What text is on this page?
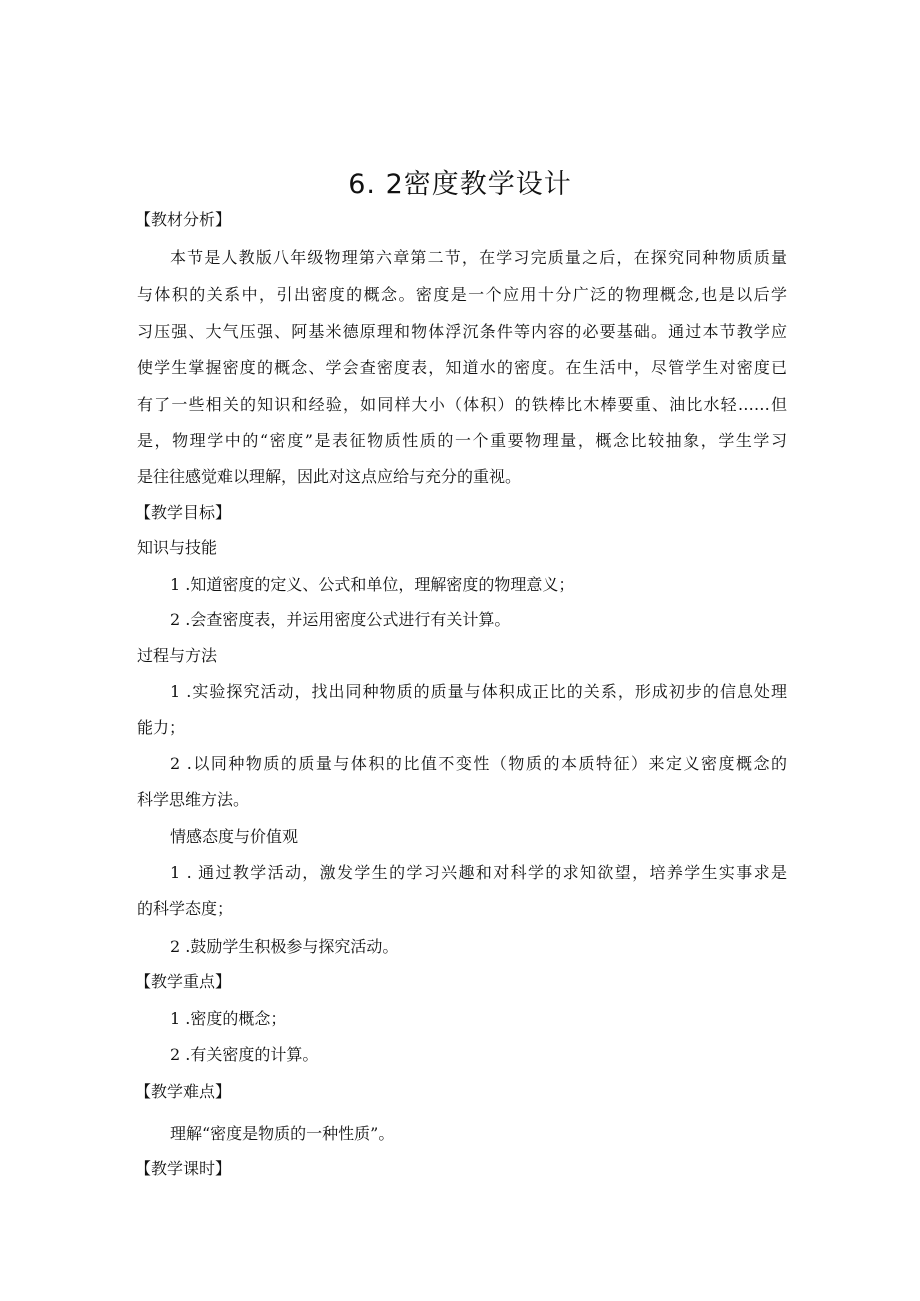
6. 2密度教学设计

【教材分析】

本节是人教版八年级物理第六章第二节，在学习完质量之后，在探究同种物质质量

与体积的关系中，引出密度的概念。密度是一个应用十分广泛的物理概念,也是以后学

习压强、大气压强、阿基米德原理和物体浮沉条件等内容的必要基础。通过本节教学应

使学生掌握密度的概念、学会查密度表，知道水的密度。在生活中，尽管学生对密度已

有了一些相关的知识和经验，如同样大小（体积）的铁棒比木棒要重、油比水轻……但

是，物理学中的“密度”是表征物质性质的一个重要物理量，概念比较抽象，学生学习

是往往感觉难以理解，因此对这点应给与充分的重视。

【教学目标】

知识与技能

1 .知道密度的定义、公式和单位，理解密度的物理意义；

2 .会查密度表，并运用密度公式进行有关计算。

过程与方法

1 .实验探究活动，找出同种物质的质量与体积成正比的关系，形成初步的信息处理

能力；

2 .以同种物质的质量与体积的比值不变性（物质的本质特征）来定义密度概念的

科学思维方法。

情感态度与价值观

1 . 通过教学活动，激发学生的学习兴趣和对科学的求知欲望，培养学生实事求是

的科学态度；

2 .鼓励学生积极参与探究活动。

【教学重点】

1 .密度的概念；

2 .有关密度的计算。

【教学难点】

理解“密度是物质的一种性质”。

【教学课时】
